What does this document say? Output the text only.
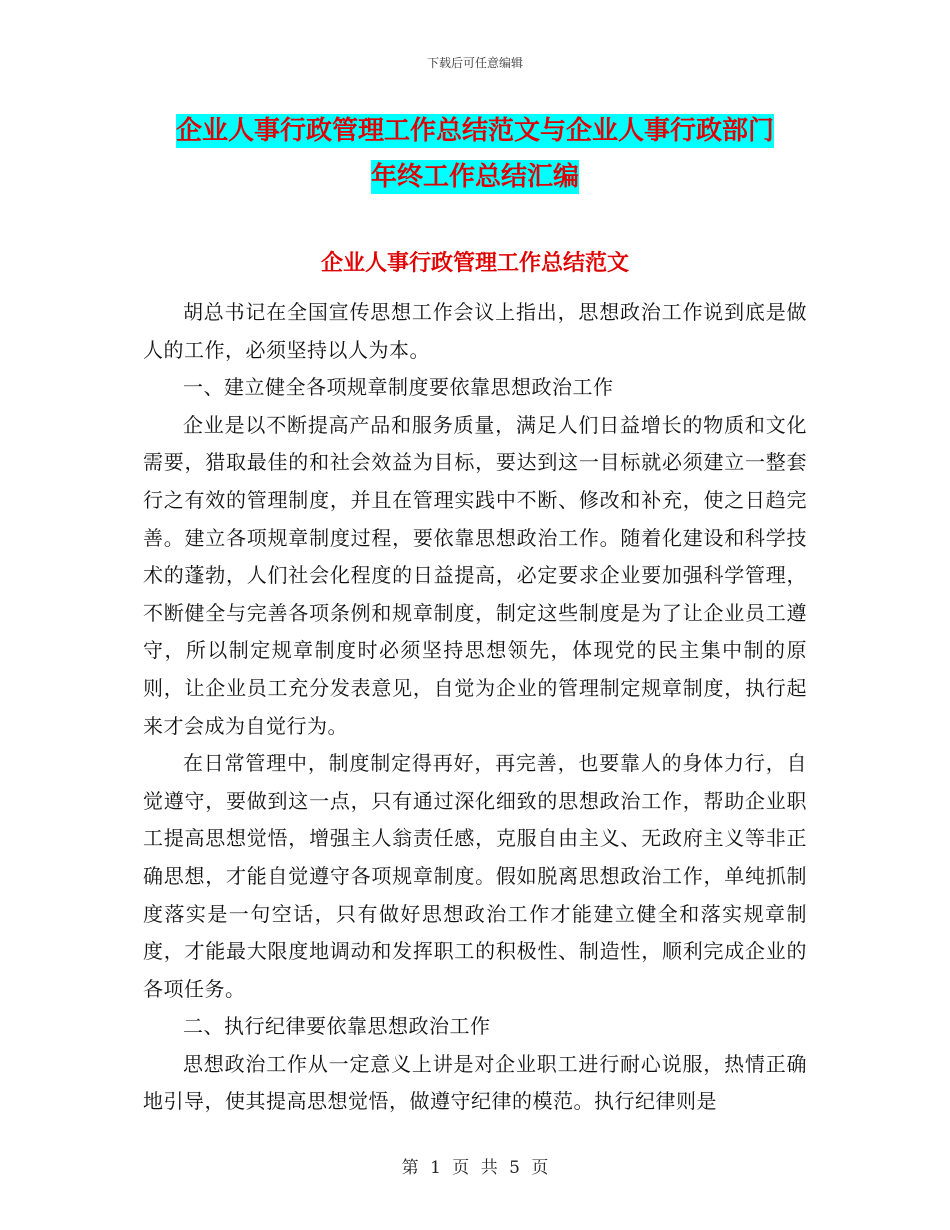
下载后可任意编辑
企业人事行政管理工作总结范文与企业人事行政部门
年终工作总结汇编
企业人事行政管理工作总结范文

胡总书记在全国宣传思想工作会议上指出，思想政治工作说到底是做人的工作，必须坚持以人为本。

一、建立健全各项规章制度要依靠思想政治工作

企业是以不断提高产品和服务质量，满足人们日益增长的物质和文化需要，猎取最佳的和社会效益为目标，要达到这一目标就必须建立一整套行之有效的管理制度，并且在管理实践中不断、修改和补充，使之日趋完善。建立各项规章制度过程，要依靠思想政治工作。随着化建设和科学技术的蓬勃，人们社会化程度的日益提高，必定要求企业要加强科学管理，不断健全与完善各项条例和规章制度，制定这些制度是为了让企业员工遵守，所以制定规章制度时必须坚持思想领先，体现党的民主集中制的原则，让企业员工充分发表意见，自觉为企业的管理制定规章制度，执行起来才会成为自觉行为。

在日常管理中，制度制定得再好，再完善，也要靠人的身体力行，自觉遵守，要做到这一点，只有通过深化细致的思想政治工作，帮助企业职工提高思想觉悟，增强主人翁责任感，克服自由主义、无政府主义等非正确思想，才能自觉遵守各项规章制度。假如脱离思想政治工作，单纯抓制度落实是一句空话，只有做好思想政治工作才能建立健全和落实规章制度，才能最大限度地调动和发挥职工的积极性、制造性，顺利完成企业的各项任务。

二、执行纪律要依靠思想政治工作

思想政治工作从一定意义上讲是对企业职工进行耐心说服，热情正确地引导，使其提高思想觉悟，做遵守纪律的模范。执行纪律则是

第 1 页 共 5 页
